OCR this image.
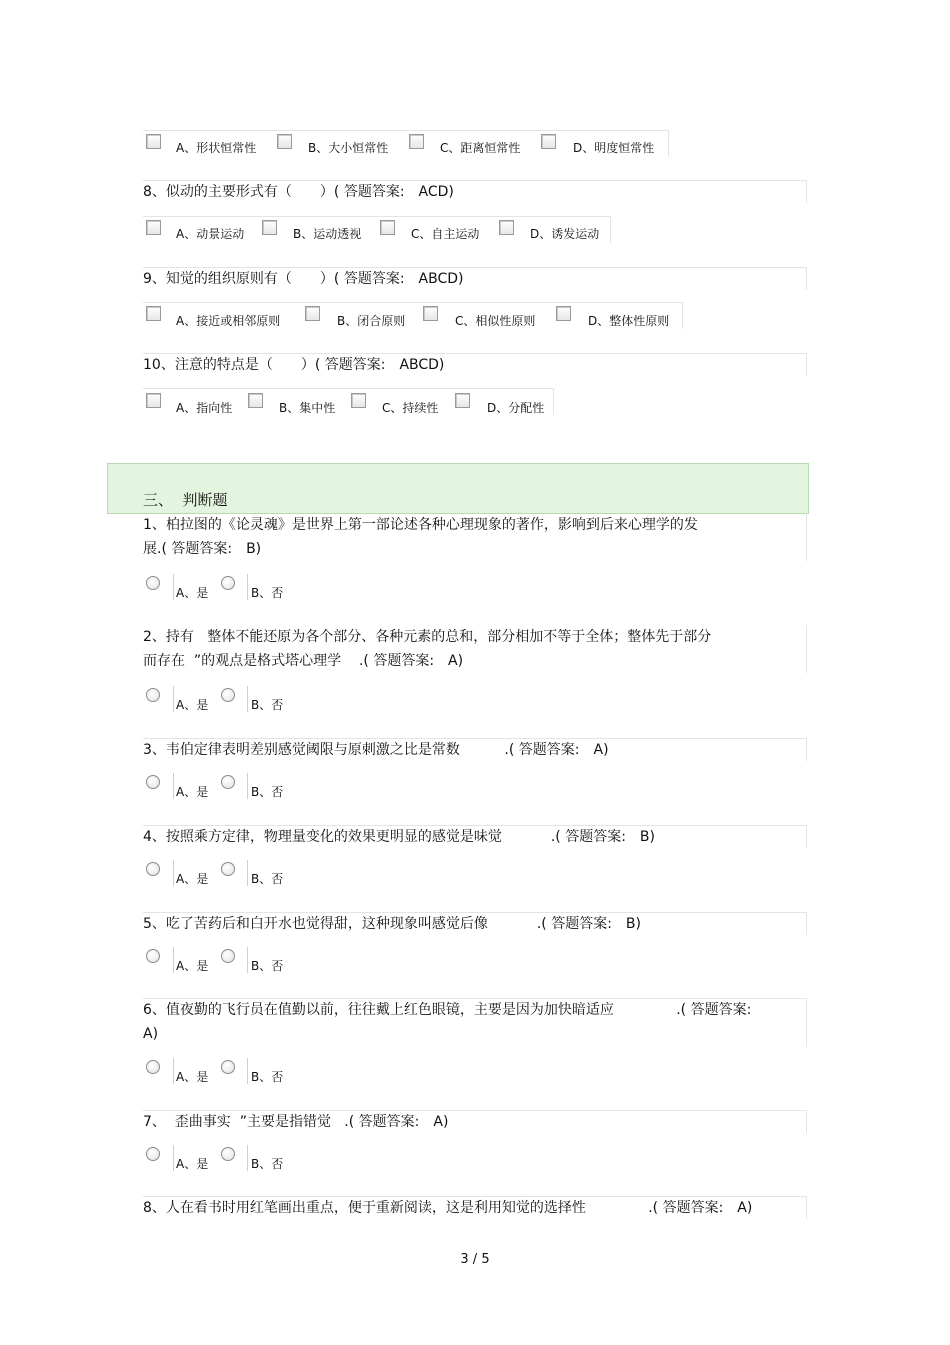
A、形状恒常性	B、大小恒常性	C、距离恒常性	D、明度恒常性
8、似动的主要形式有（　　）( 答题答案:　ACD)
A、动景运动	B、运动透视	C、自主运动	D、诱发运动
9、知觉的组织原则有（　　）( 答题答案:　ABCD)
A、接近或相邻原则	B、闭合原则	C、相似性原则	D、整体性原则
10、注意的特点是（　　）( 答题答案:　ABCD)
A、指向性	B、集中性	C、持续性	D、分配性
三、  判断题
1、柏拉图的《论灵魂》是世界上第一部论述各种心理现象的著作，影响到后来心理学的发
展.( 答题答案:　B)
A、是	B、否
2、持有   整体不能还原为各个部分、各种元素的总和，部分相加不等于全体；整体先于部分
而存在  ”的观点是格式塔心理学    .( 答题答案:　A)
A、是	B、否
3、韦伯定律表明差别感觉阈限与原刺激之比是常数          .( 答题答案:　A)
A、是	B、否
4、按照乘方定律，物理量变化的效果更明显的感觉是味觉           .( 答题答案:　B)
A、是	B、否
5、吃了苦药后和白开水也觉得甜，这种现象叫感觉后像           .( 答题答案:　B)
A、是	B、否
6、值夜勤的飞行员在值勤以前，往往戴上红色眼镜，主要是因为加快暗适应              .( 答题答案:
A)
A、是	B、否
7、  歪曲事实  ”主要是指错觉   .( 答题答案:　A)
A、是	B、否
8、人在看书时用红笔画出重点，便于重新阅读，这是利用知觉的选择性              .( 答题答案:　A)
3 / 5
